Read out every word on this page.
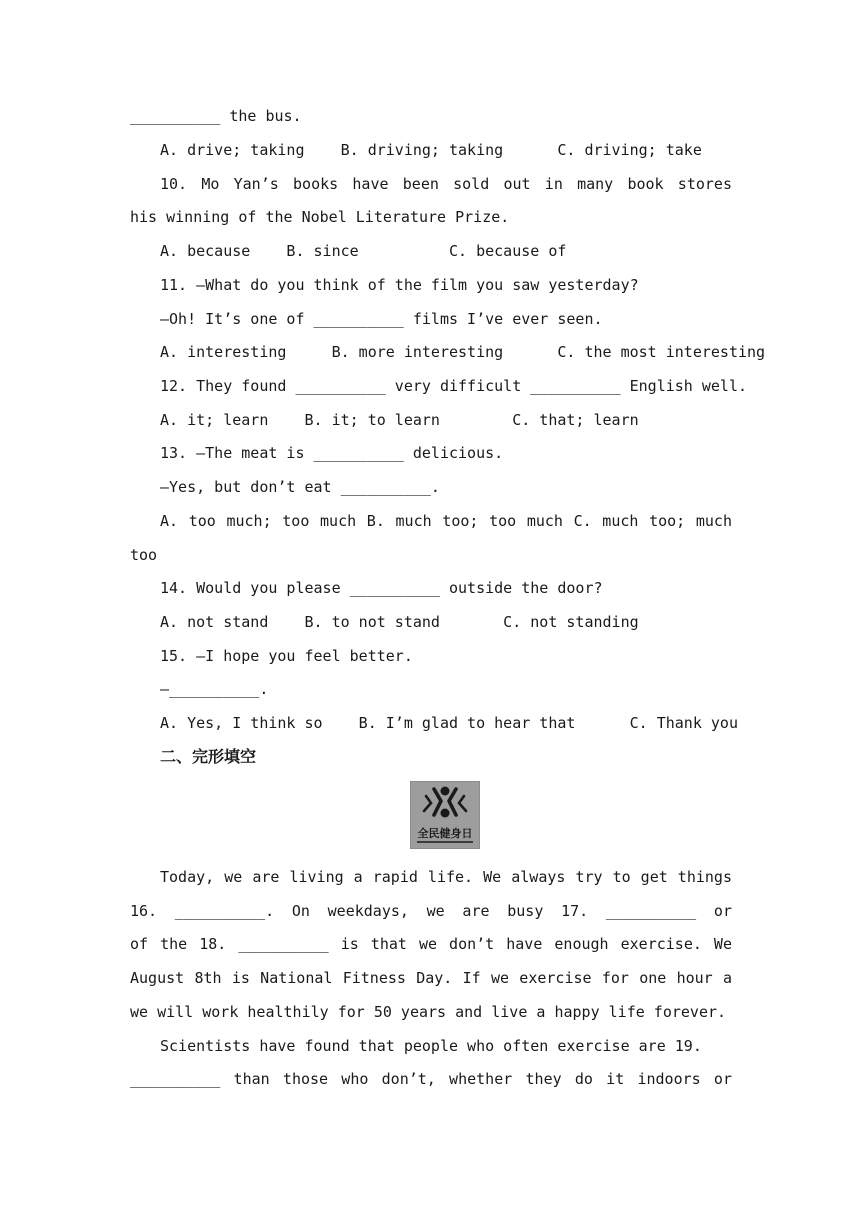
__________ the bus.
A. drive; taking    B. driving; taking      C. driving; take
10. Mo Yan’s books have been sold out in many book stores
his winning of the Nobel Literature Prize.
A. because    B. since          C. because of
11. —What do you think of the film you saw yesterday?
—Oh! It’s one of __________ films I’ve ever seen.
A. interesting     B. more interesting      C. the most interesting
12. They found __________ very difficult __________ English well.
A. it; learn    B. it; to learn        C. that; learn
13. —The meat is __________ delicious.
—Yes, but don’t eat __________.
A. too much; too much B. much too; too much C. much too; much
too
14. Would you please __________ outside the door?
A. not stand    B. to not stand       C. not standing
15. —I hope you feel better.
—__________.
A. Yes, I think so    B. I’m glad to hear that      C. Thank you
二、完形填空
全民健身日
Today, we are living a rapid life. We always try to get things
16. __________. On weekdays, we are busy 17. __________ or
of the 18. __________ is that we don’t have enough exercise. We
August 8th is National Fitness Day. If we exercise for one hour a
we will work healthily for 50 years and live a happy life forever.
Scientists have found that people who often exercise are 19.
__________ than those who don’t, whether they do it indoors or
